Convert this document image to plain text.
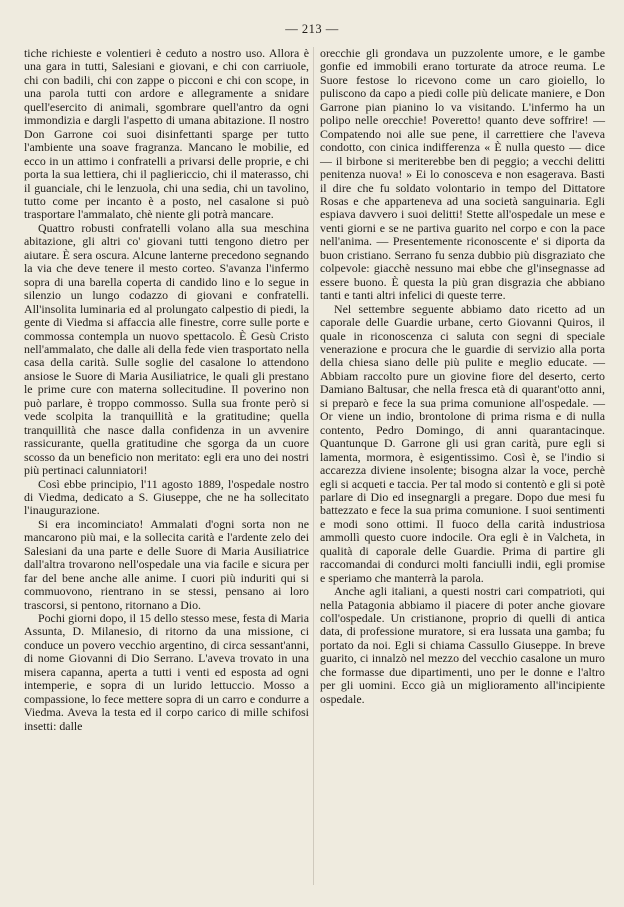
— 213 —

tiche richieste e volentieri è ceduto a nostro uso. Allora è una gara in tutti, Salesiani e giovani, e chi con carriuole, chi con badili, chi con zappe o picconi e chi con scope, in una parola tutti con ardore e allegramente a snidare quell'esercito di animali, sgombrare quell'antro da ogni immondizia e dargli l'aspetto di umana abitazione. Il nostro Don Garrone coi suoi disinfettanti sparge per tutto l'ambiente una soave fragranza. Mancano le mobilie, ed ecco in un attimo i confratelli a privarsi delle proprie, e chi porta la sua lettiera, chi il pagliericcio, chi il materasso, chi il guanciale, chi le lenzuola, chi una sedia, chi un tavolino, tutto come per incanto è a posto, nel casalone si può trasportare l'ammalato, chè niente gli potrà mancare.

Quattro robusti confratelli volano alla sua meschina abitazione, gli altri co' giovani tutti tengono dietro per aiutare. È sera oscura. Alcune lanterne precedono segnando la via che deve tenere il mesto corteo. S'avanza l'infermo sopra di una barella coperta di candido lino e lo segue in silenzio un lungo codazzo di giovani e confratelli. All'insolita luminaria ed al prolungato calpestio di piedi, la gente di Viedma si affaccia alle finestre, corre sulle porte e commossa contempla un nuovo spettacolo. È Gesù Cristo nell'ammalato, che dalle ali della fede vien trasportato nella casa della carità. Sulle soglie del casalone lo attendono ansiose le Suore di Maria Ausiliatrice, le quali gli prestano le prime cure con materna sollecitudine. Il poverino non può parlare, è troppo commosso. Sulla sua fronte però si vede scolpita la tranquillità e la gratitudine; quella tranquillità che nasce dalla confidenza in un avvenire rassicurante, quella gratitudine che sgorga da un cuore scosso da un beneficio non meritato: egli era uno dei nostri più pertinaci calunniatori!

Così ebbe principio, l'11 agosto 1889, l'ospedale nostro di Viedma, dedicato a S. Giuseppe, che ne ha sollecitato l'inaugurazione.

Si era incominciato! Ammalati d'ogni sorta non ne mancarono più mai, e la sollecita carità e l'ardente zelo dei Salesiani da una parte e delle Suore di Maria Ausiliatrice dall'altra trovarono nell'ospedale una via facile e sicura per far del bene anche alle anime. I cuori più induriti qui si commuovono, rientrano in se stessi, pensano ai loro trascorsi, si pentono, ritornano a Dio.

Pochi giorni dopo, il 15 dello stesso mese, festa di Maria Assunta, D. Milanesio, di ritorno da una missione, ci conduce un povero vecchio argentino, di circa sessant'anni, di nome Giovanni di Dio Serrano. L'aveva trovato in una misera capanna, aperta a tutti i venti ed esposta ad ogni intemperie, e sopra di un lurido lettuccio. Mosso a compassione, lo fece mettere sopra di un carro e condurre a Viedma. Aveva la testa ed il corpo carico di mille schifosi insetti: dalle

orecchie gli grondava un puzzolente umore, e le gambe gonfie ed immobili erano torturate da atroce reuma. Le Suore festose lo ricevono come un caro gioiello, lo puliscono da capo a piedi colle più delicate maniere, e Don Garrone pian pianino lo va visitando. L'infermo ha un polipo nelle orecchie! Poveretto! quanto deve soffrire! — Compatendo noi alle sue pene, il carrettiere che l'aveva condotto, con cinica indifferenza « È nulla questo — dice — il birbone si meriterebbe ben di peggio; a vecchi delitti penitenza nuova! » Ei lo conosceva e non esagerava. Basti il dire che fu soldato volontario in tempo del Dittatore Rosas e che apparteneva ad una società sanguinaria. Egli espiava davvero i suoi delitti! Stette all'ospedale un mese e venti giorni e se ne partiva guarito nel corpo e con la pace nell'anima. — Presentemente riconoscente e' si diporta da buon cristiano. Serrano fu senza dubbio più disgraziato che colpevole: giacchè nessuno mai ebbe che gl'insegnasse ad essere buono. È questa la più gran disgrazia che abbiano tanti e tanti altri infelici di queste terre.

Nel settembre seguente abbiamo dato ricetto ad un caporale delle Guardie urbane, certo Giovanni Quiros, il quale in riconoscenza ci saluta con segni di speciale venerazione e procura che le guardie di servizio alla porta della chiesa siano delle più pulite e meglio educate. — Abbiam raccolto pure un giovine fiore del deserto, certo Damiano Baltusar, che nella fresca età di quarant'otto anni, si preparò e fece la sua prima comunione all'ospedale. — Or viene un indio, brontolone di prima risma e di nulla contento, Pedro Domingo, di anni quarantacinque. Quantunque D. Garrone gli usi gran carità, pure egli si lamenta, mormora, è esigentissimo. Così è, se l'indio si accarezza diviene insolente; bisogna alzar la voce, perchè egli si acqueti e taccia. Per tal modo si contentò e gli si potè parlare di Dio ed insegnargli a pregare. Dopo due mesi fu battezzato e fece la sua prima comunione. I suoi sentimenti e modi sono ottimi. Il fuoco della carità industriosa ammollì questo cuore indocile. Ora egli è in Valcheta, in qualità di caporale delle Guardie. Prima di partire gli raccomandai di condurci molti fanciulli indii, egli promise e speriamo che manterrà la parola.

Anche agli italiani, a questi nostri cari compatrioti, qui nella Patagonia abbiamo il piacere di poter anche giovare coll'ospedale. Un cristianone, proprio di quelli di antica data, di professione muratore, si era lussata una gamba; fu portato da noi. Egli si chiama Cassullo Giuseppe. In breve guarito, ci innalzò nel mezzo del vecchio casalone un muro che formasse due dipartimenti, uno per le donne e l'altro per gli uomini. Ecco già un miglioramento all'incipiente ospedale.
